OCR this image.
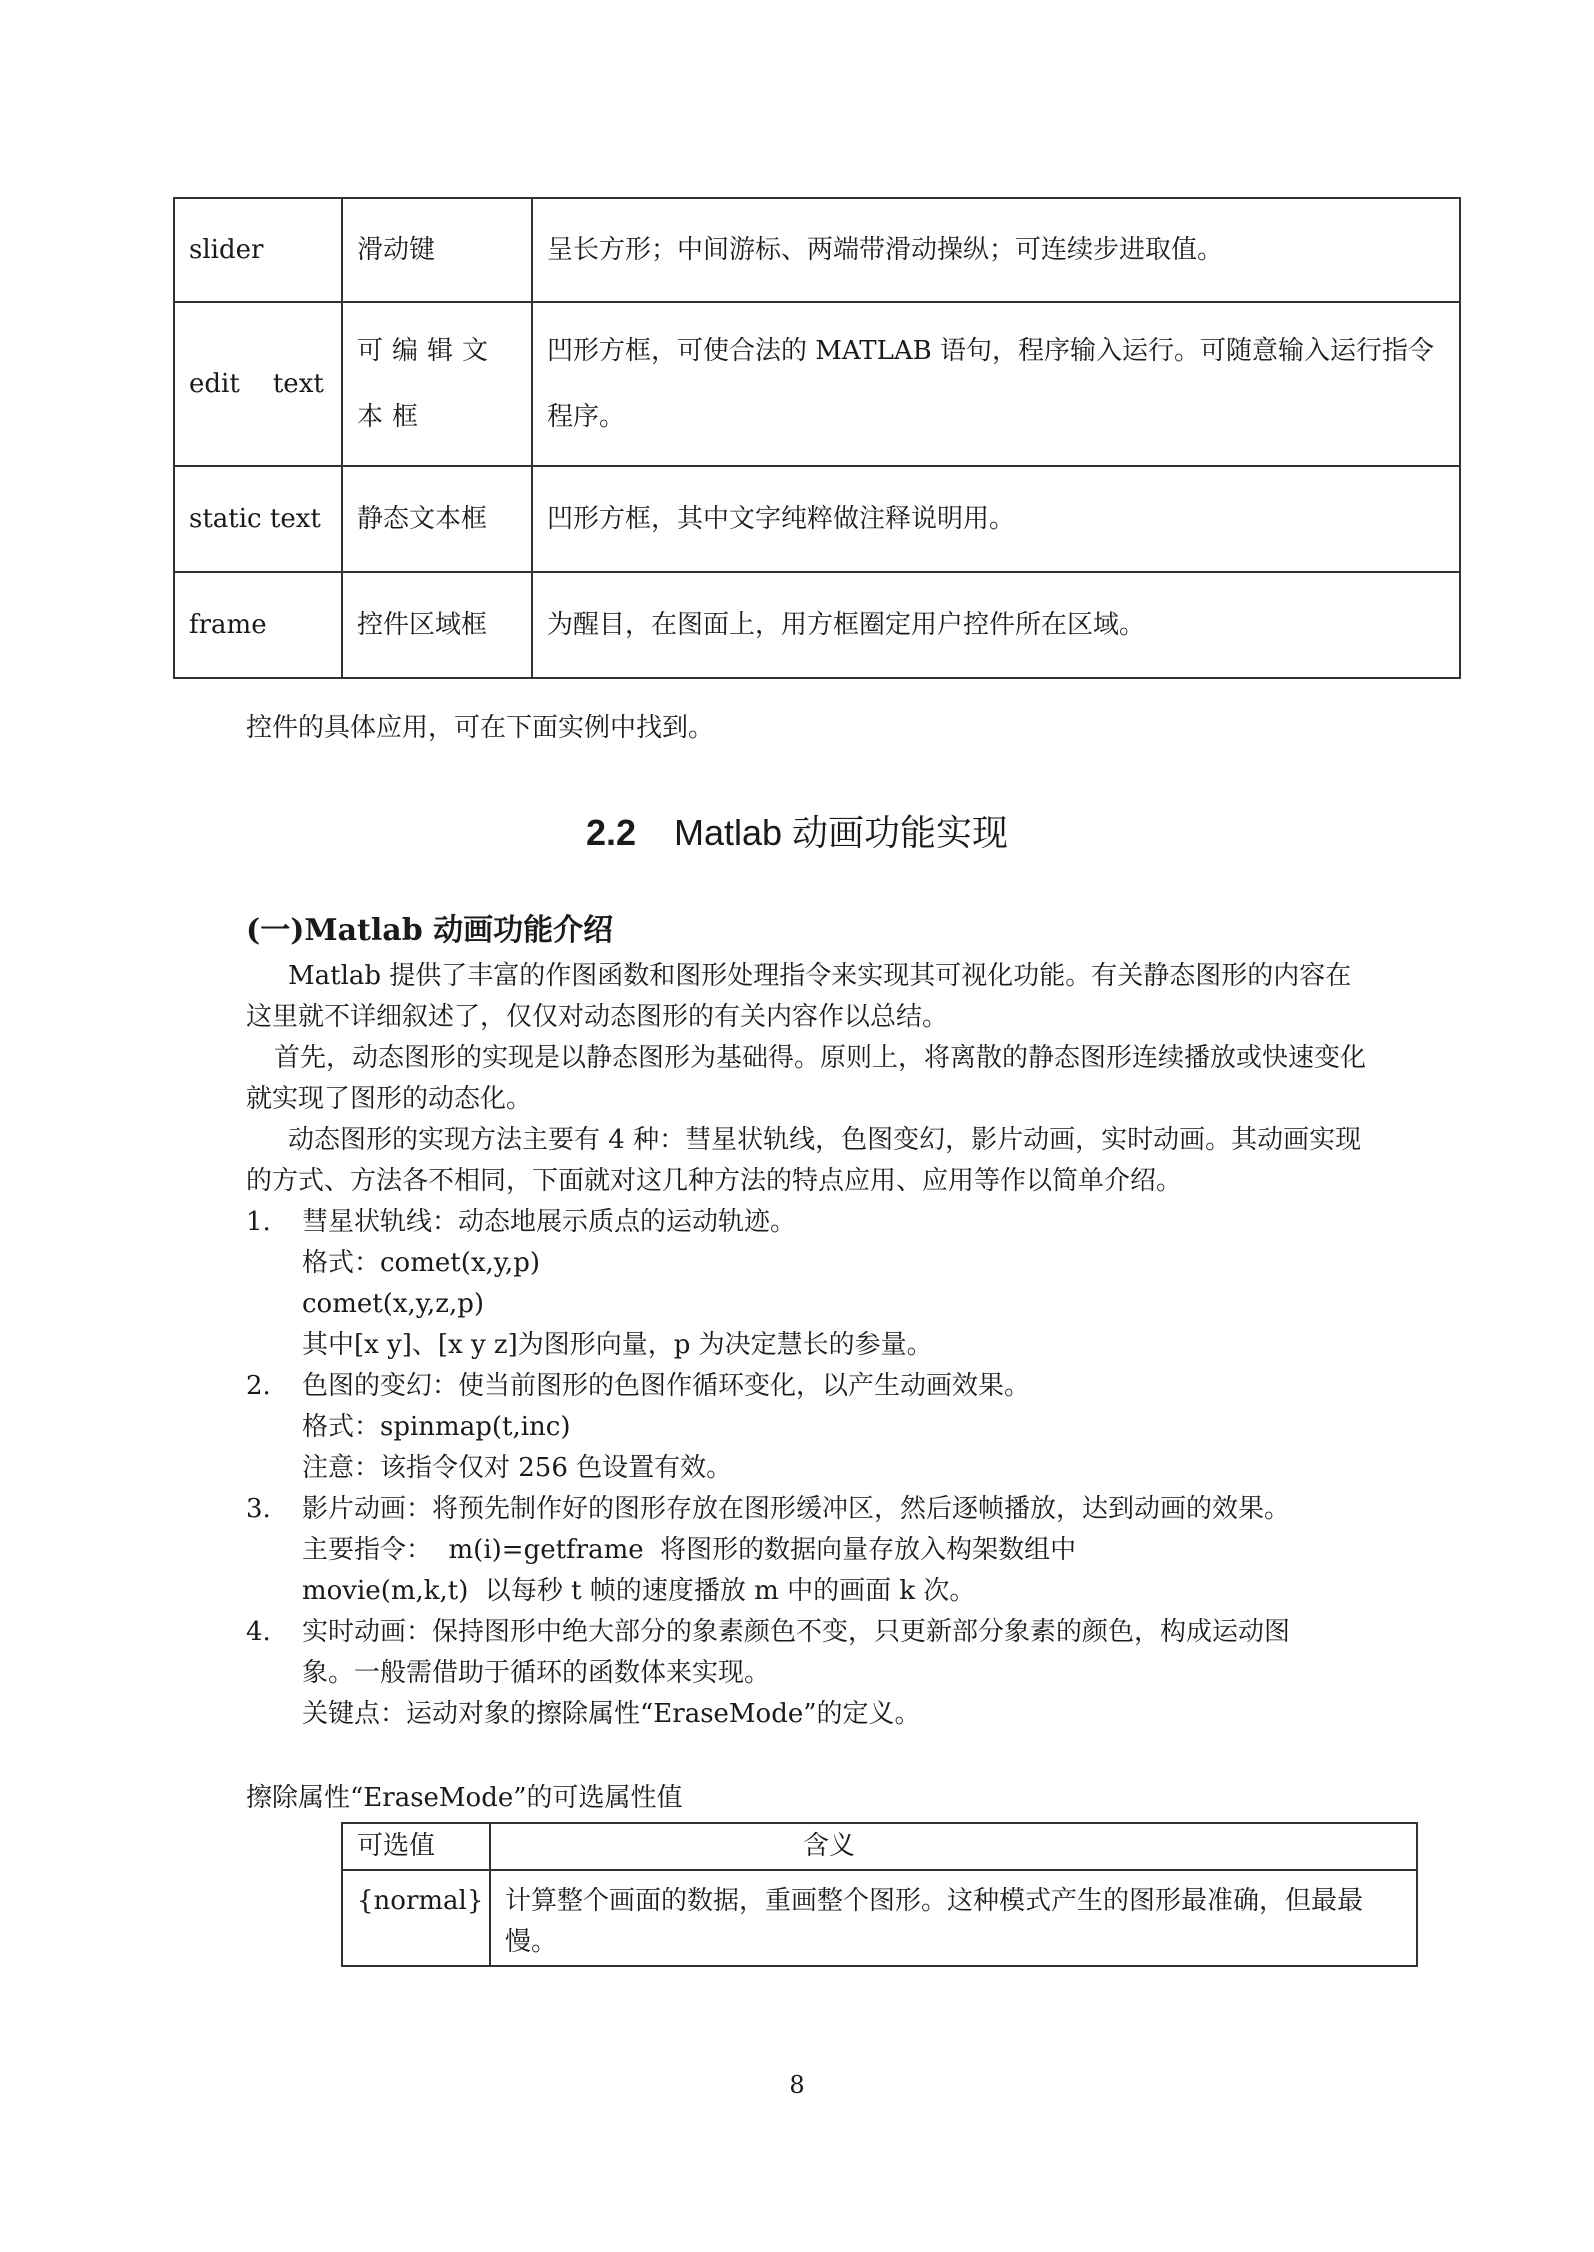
slider	滑动键	呈长方形；中间游标、两端带滑动操纵；可连续步进取值。
edit    text	可编辑文本框	凹形方框，可使合法的 MATLAB 语句，程序输入运行。可随意输入运行指令程序。
static text	静态文本框	凹形方框，其中文字纯粹做注释说明用。
frame	控件区域框	为醒目，在图面上，用方框圈定用户控件所在区域。

控件的具体应用，可在下面实例中找到。

2.2 Matlab 动画功能实现
(一)Matlab 动画功能介绍

Matlab 提供了丰富的作图函数和图形处理指令来实现其可视化功能。有关静态图形的内容在这里就不详细叙述了，仅仅对动态图形的有关内容作以总结。

首先，动态图形的实现是以静态图形为基础得。原则上，将离散的静态图形连续播放或快速变化就实现了图形的动态化。

动态图形的实现方法主要有 4 种：彗星状轨线，色图变幻，影片动画，实时动画。其动画实现的方式、方法各不相同，下面就对这几种方法的特点应用、应用等作以简单介绍。

1. 彗星状轨线：动态地展示质点的运动轨迹。
格式：comet(x,y,p)
comet(x,y,z,p)
其中[x y]、[x y z]为图形向量，p 为决定慧长的参量。
2. 色图的变幻：使当前图形的色图作循环变化，以产生动画效果。
格式：spinmap(t,inc)
注意：该指令仅对 256 色设置有效。
3. 影片动画：将预先制作好的图形存放在图形缓冲区，然后逐帧播放，达到动画的效果。
主要指令：  m(i)=getframe  将图形的数据向量存放入构架数组中
movie(m,k,t)  以每秒 t 帧的速度播放 m 中的画面 k 次。
4. 实时动画：保持图形中绝大部分的象素颜色不变，只更新部分象素的颜色，构成运动图
象。一般需借助于循环的函数体来实现。
关键点：运动对象的擦除属性“EraseMode”的定义。
擦除属性“EraseMode”的可选属性值
可选值	含义
{normal}	计算整个画面的数据，重画整个图形。这种模式产生的图形最准确，但最最慢。
8
